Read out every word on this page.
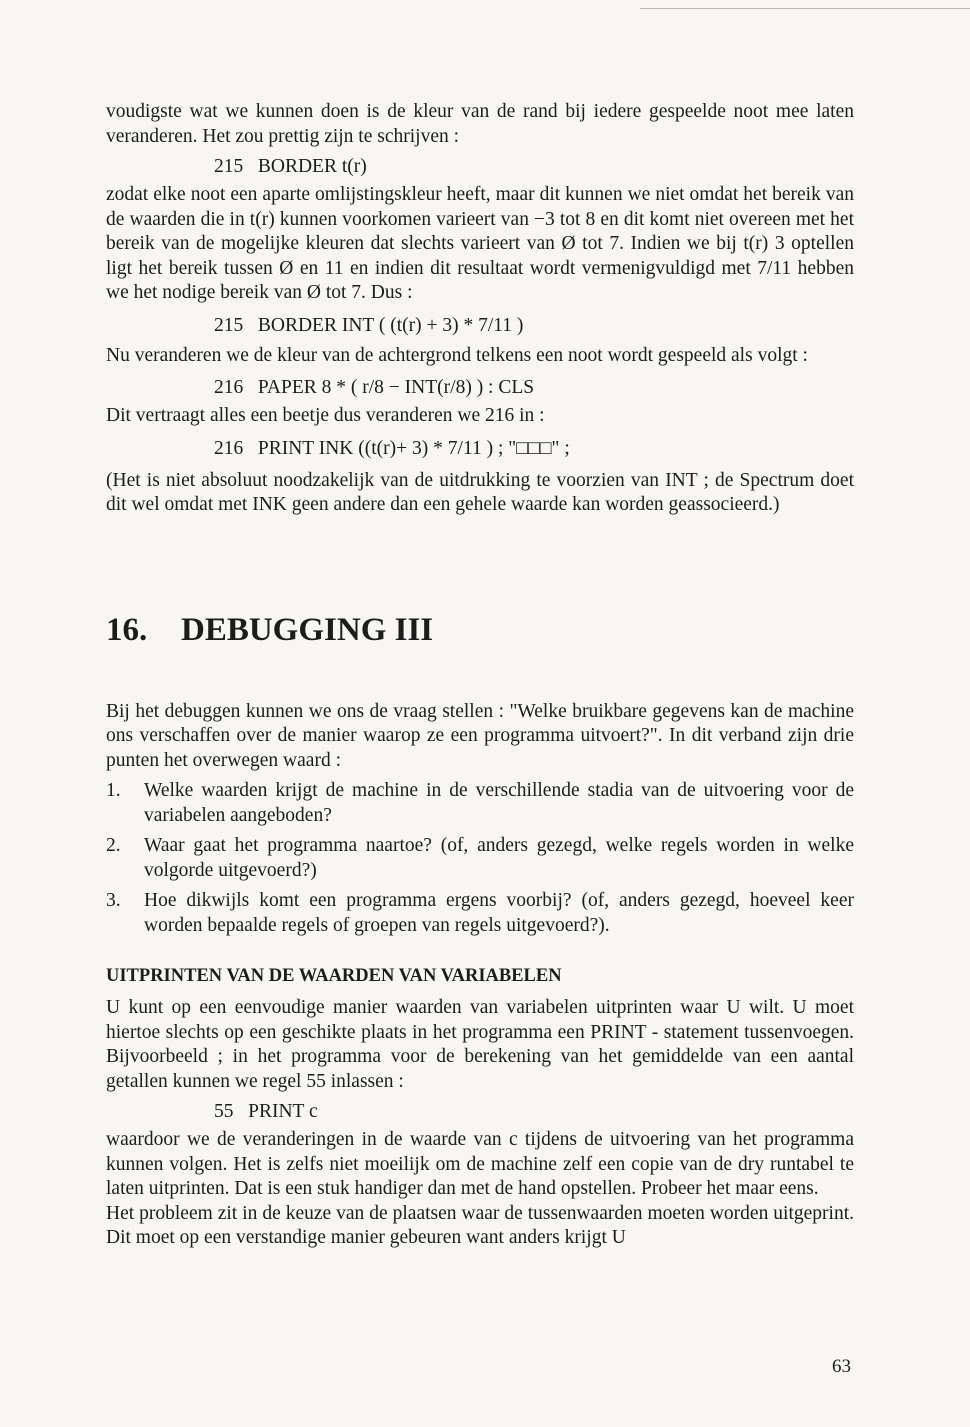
voudigste wat we kunnen doen is de kleur van de rand bij iedere gespeelde noot mee laten veranderen. Het zou prettig zijn te schrijven :

215   BORDER t(r)

zodat elke noot een aparte omlijstingskleur heeft, maar dit kunnen we niet omdat het bereik van de waarden die in t(r) kunnen voorkomen varieert van −3 tot 8 en dit komt niet overeen met het bereik van de mogelijke kleuren dat slechts varieert van Ø tot 7. Indien we bij t(r) 3 optellen ligt het bereik tussen Ø en 11 en indien dit resultaat wordt vermenigvuldigd met 7/11 hebben we het nodige bereik van Ø tot 7. Dus :

215   BORDER INT ( (t(r) + 3) * 7/11 )

Nu veranderen we de kleur van de achtergrond telkens een noot wordt gespeeld als volgt :

216   PAPER 8 * ( r/8 − INT(r/8) ) : CLS

Dit vertraagt alles een beetje dus veranderen we 216 in :

216   PRINT INK ((t(r)+ 3) * 7/11 ) ; "□□□" ;

(Het is niet absoluut noodzakelijk van de uitdrukking te voorzien van INT ; de Spectrum doet dit wel omdat met INK geen andere dan een gehele waarde kan worden geassocieerd.)

16. DEBUGGING III

Bij het debuggen kunnen we ons de vraag stellen : "Welke bruikbare gegevens kan de machine ons verschaffen over de manier waarop ze een programma uitvoert?". In dit verband zijn drie punten het overwegen waard :

1.	Welke waarden krijgt de machine in de verschillende stadia van de uitvoering voor de variabelen aangeboden?
2.	Waar gaat het programma naartoe? (of, anders gezegd, welke regels worden in welke volgorde uitgevoerd?)
3.	Hoe dikwijls komt een programma ergens voorbij? (of, anders gezegd, hoeveel keer worden bepaalde regels of groepen van regels uitgevoerd?).
UITPRINTEN VAN DE WAARDEN VAN VARIABELEN

U kunt op een eenvoudige manier waarden van variabelen uitprinten waar U wilt. U moet hiertoe slechts op een geschikte plaats in het programma een PRINT - statement tussenvoegen. Bijvoorbeeld ; in het programma voor de berekening van het gemiddelde van een aantal getallen kunnen we regel 55 inlassen :

55   PRINT c

waardoor we de veranderingen in de waarde van c tijdens de uitvoering van het programma kunnen volgen. Het is zelfs niet moeilijk om de machine zelf een copie van de dry runtabel te laten uitprinten. Dat is een stuk handiger dan met de hand opstellen. Probeer het maar eens.

Het probleem zit in de keuze van de plaatsen waar de tussenwaarden moeten worden uitgeprint. Dit moet op een verstandige manier gebeuren want anders krijgt U

63
